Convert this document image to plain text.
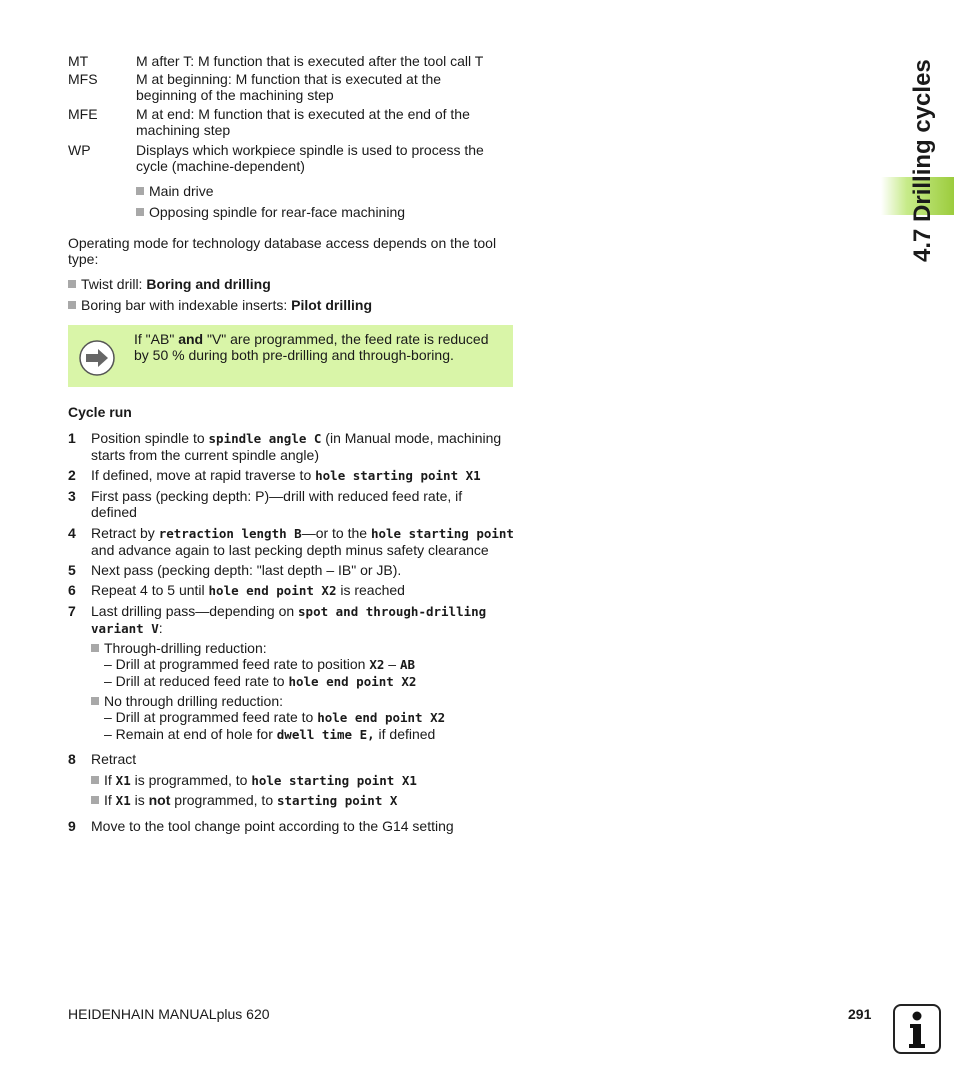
MT	M after T: M function that is executed after the tool call T
MFS	M at beginning: M function that is executed at the
beginning of the machining step
MFE	M at end: M function that is executed at the end of the
machining step
WP	Displays which workpiece spindle is used to process the
cycle (machine-dependent)
Main drive
Opposing spindle for rear-face machining
Operating mode for technology database access depends on the tool
type:
Twist drill: Boring and drilling
Boring bar with indexable inserts: Pilot drilling
If "AB" and "V" are programmed, the feed rate is reduced
by 50 % during both pre-drilling and through-boring.
Cycle run
1 Position spindle to spindle angle C (in Manual mode, machining
starts from the current spindle angle)
2 If defined, move at rapid traverse to hole starting point X1
3 First pass (pecking depth: P)—drill with reduced feed rate, if
defined
4 Retract by retraction length B—or to the hole starting point
and advance again to last pecking depth minus safety clearance
5 Next pass (pecking depth: "last depth – IB" or JB).
6 Repeat 4 to 5 until hole end point X2 is reached
7 Last drilling pass—depending on spot and through-drilling
variant V:
Through-drilling reduction:
– Drill at programmed feed rate to position X2 – AB
– Drill at reduced feed rate to hole end point X2
No through drilling reduction:
– Drill at programmed feed rate to hole end point X2
– Remain at end of hole for dwell time E, if defined
8 Retract
If X1 is programmed, to hole starting point X1
If X1 is not programmed, to starting point X
9 Move to the tool change point according to the G14 setting
4.7 Drilling cycles
HEIDENHAIN MANUALplus 620	291
